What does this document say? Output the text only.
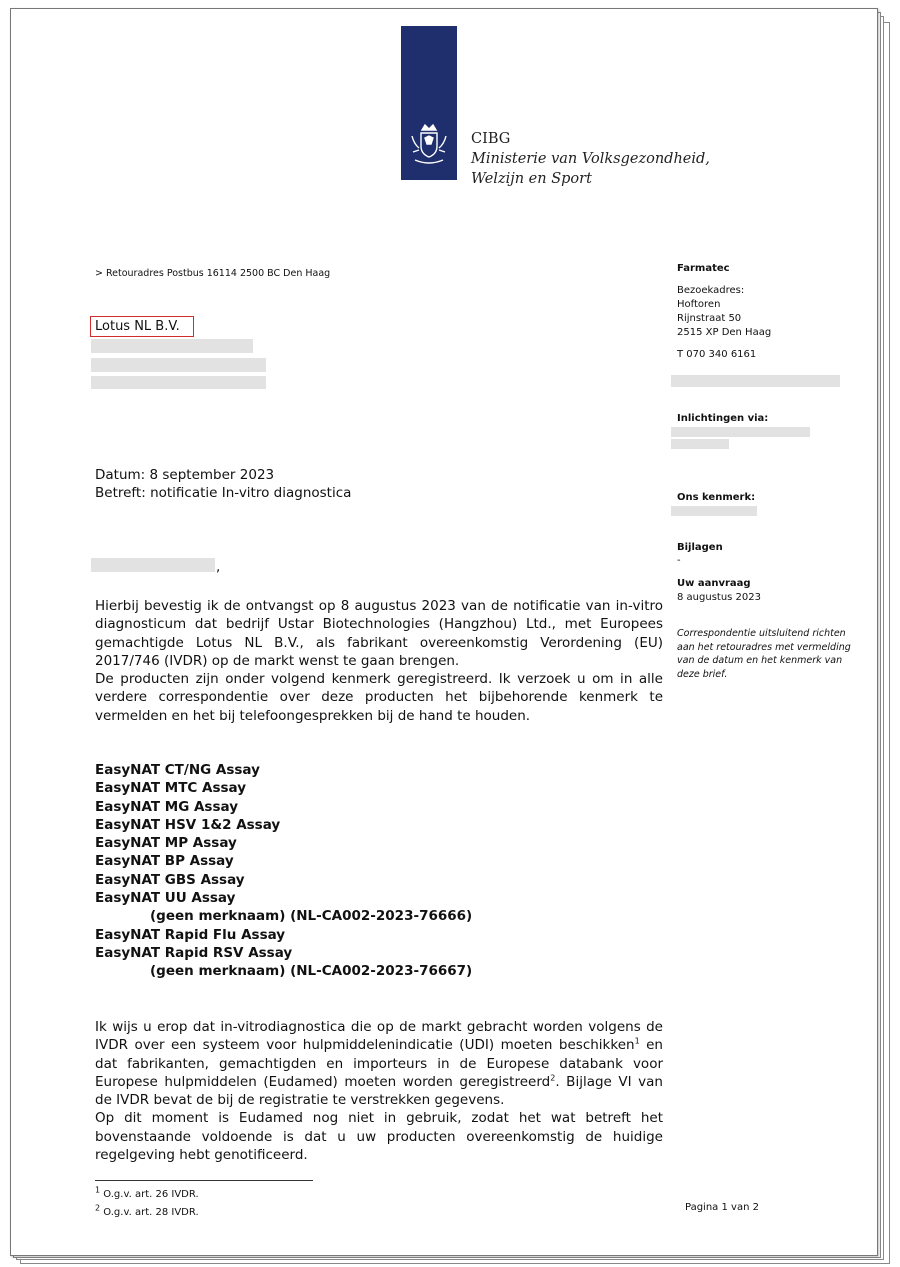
CIBG
Ministerie van Volksgezondheid,
Welzijn en Sport
> Retouradres Postbus 16114 2500 BC Den Haag
Lotus NL B.V.
Datum: 8 september 2023
Betreft: notificatie In-vitro diagnostica
,

Hierbij bevestig ik de ontvangst op 8 augustus 2023 van de notificatie van in-vitro diagnosticum dat bedrijf Ustar Biotechnologies (Hangzhou) Ltd., met Europees gemachtigde Lotus NL B.V., als fabrikant overeenkomstig Verordening (EU) 2017/746 (IVDR) op de markt wenst te gaan brengen.

De producten zijn onder volgend kenmerk geregistreerd. Ik verzoek u om in alle verdere correspondentie over deze producten het bijbehorende kenmerk te vermelden en het bij telefoongesprekken bij de hand te houden.

EasyNAT CT/NG Assay
EasyNAT MTC Assay
EasyNAT MG Assay
EasyNAT HSV 1&2 Assay
EasyNAT MP Assay
EasyNAT BP Assay
EasyNAT GBS Assay
EasyNAT UU Assay
(geen merknaam) (NL-CA002-2023-76666)
EasyNAT Rapid Flu Assay
EasyNAT Rapid RSV Assay
(geen merknaam) (NL-CA002-2023-76667)

Ik wijs u erop dat in-vitrodiagnostica die op de markt gebracht worden volgens de IVDR over een systeem voor hulpmiddelenindicatie (UDI) moeten beschikken$^1$ en dat fabrikanten, gemachtigden en importeurs in de Europese databank voor Europese hulpmiddelen (Eudamed) moeten worden geregistreerd$^2$. Bijlage VI van de IVDR bevat de bij de registratie te verstrekken gegevens.

Op dit moment is Eudamed nog niet in gebruik, zodat het wat betreft het bovenstaande voldoende is dat u uw producten overeenkomstig de huidige regelgeving hebt genotificeerd.

$^1$ O.g.v. art. 26 IVDR.
$^2$ O.g.v. art. 28 IVDR.
Farmatec
Bezoekadres:
Hoftoren
Rijnstraat 50
2515 XP Den Haag
T 070 340 6161
Inlichtingen via:
Ons kenmerk:
Bijlagen
-
Uw aanvraag
8 augustus 2023
Correspondentie uitsluitend richten aan het retouradres met vermelding van de datum en het kenmerk van deze brief.
Pagina 1 van 2
